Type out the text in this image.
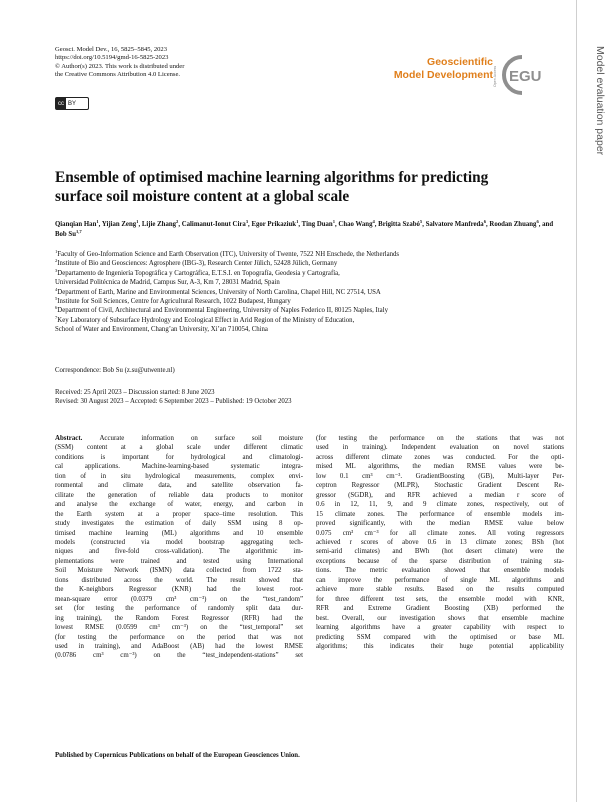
Geosci. Model Dev., 16, 5825–5845, 2023
https://doi.org/10.5194/gmd-16-5825-2023
© Author(s) 2023. This work is distributed under
the Creative Commons Attribution 4.0 License.
cc BY
Geoscientific
Model Development Open Access EGU	Model evaluation paper
Ensemble of optimised machine learning algorithms for predicting surface soil moisture content at a global scale
Qianqian Han$^1$, Yijian Zeng$^1$, Lijie Zhang$^2$, Calimanut-Ionut Cira$^3$, Egor Prikaziuk$^1$, Ting Duan$^1$, Chao Wang$^4$, Brigitta Szabó$^5$, Salvatore Manfreda$^6$, Roodan Zhuang$^6$, and Bob Su$^{1,7}$
$^1$Faculty of Geo-Information Science and Earth Observation (ITC), University of Twente, 7522 NH Enschede, the Netherlands
$^2$Institute of Bio and Geosciences: Agrosphere (IBG-3), Research Center Jülich, 52428 Jülich, Germany
$^3$Departamento de Ingeniería Topográfica y Cartográfica, E.T.S.I. en Topografía, Geodesia y Cartografía,
Universidad Politécnica de Madrid, Campus Sur, A-3, Km 7, 28031 Madrid, Spain
$^4$Department of Earth, Marine and Environmental Sciences, University of North Carolina, Chapel Hill, NC 27514, USA
$^5$Institute for Soil Sciences, Centre for Agricultural Research, 1022 Budapest, Hungary
$^6$Department of Civil, Architectural and Environmental Engineering, University of Naples Federico II, 80125 Naples, Italy
$^7$Key Laboratory of Subsurface Hydrology and Ecological Effect in Arid Region of the Ministry of Education,
School of Water and Environment, Chang’an University, Xi’an 710054, China
Correspondence: Bob Su (z.su@utwente.nl)
Received: 25 April 2023 – Discussion started: 8 June 2023
Revised: 30 August 2023 – Accepted: 6 September 2023 – Published: 19 October 2023
Abstract. Accurate information on surface soil moisture
(SSM) content at a global scale under different climatic
conditions is important for hydrological and climatologi-
cal applications. Machine-learning-based systematic integra-
tion of in situ hydrological measurements, complex envi-
ronmental and climate data, and satellite observation fa-
cilitate the generation of reliable data products to monitor
and analyse the exchange of water, energy, and carbon in
the Earth system at a proper space–time resolution. This
study investigates the estimation of daily SSM using 8 op-
timised machine learning (ML) algorithms and 10 ensemble
models (constructed via model bootstrap aggregating tech-
niques and five-fold cross-validation). The algorithmic im-
plementations were trained and tested using International
Soil Moisture Network (ISMN) data collected from 1722 sta-
tions distributed across the world. The result showed that
the K-neighbors Regressor (KNR) had the lowest root-
mean-square error (0.0379 cm³ cm⁻³) on the “test_random”
set (for testing the performance of randomly split data dur-
ing training), the Random Forest Regressor (RFR) had the
lowest RMSE (0.0599 cm³ cm⁻³) on the “test_temporal” set
(for testing the performance on the period that was not
used in training), and AdaBoost (AB) had the lowest RMSE
(0.0786 cm³ cm⁻³) on the “test_independent-stations” set
(for testing the performance on the stations that was not
used in training). Independent evaluation on novel stations
across different climate zones was conducted. For the opti-
mised ML algorithms, the median RMSE values were be-
low 0.1 cm³ cm⁻³. GradientBoosting (GB), Multi-layer Per-
ceptron Regressor (MLPR), Stochastic Gradient Descent Re-
gressor (SGDR), and RFR achieved a median r score of
0.6 in 12, 11, 9, and 9 climate zones, respectively, out of
15 climate zones. The performance of ensemble models im-
proved significantly, with the median RMSE value below
0.075 cm³ cm⁻³ for all climate zones. All voting regressors
achieved r scores of above 0.6 in 13 climate zones; BSh (hot
semi-arid climates) and BWh (hot desert climate) were the
exceptions because of the sparse distribution of training sta-
tions. The metric evaluation showed that ensemble models
can improve the performance of single ML algorithms and
achieve more stable results. Based on the results computed
for three different test sets, the ensemble model with KNR,
RFR and Extreme Gradient Boosting (XB) performed the
best. Overall, our investigation shows that ensemble machine
learning algorithms have a greater capability with respect to
predicting SSM compared with the optimised or base ML
algorithms; this indicates their huge potential applicability
Published by Copernicus Publications on behalf of the European Geosciences Union.
